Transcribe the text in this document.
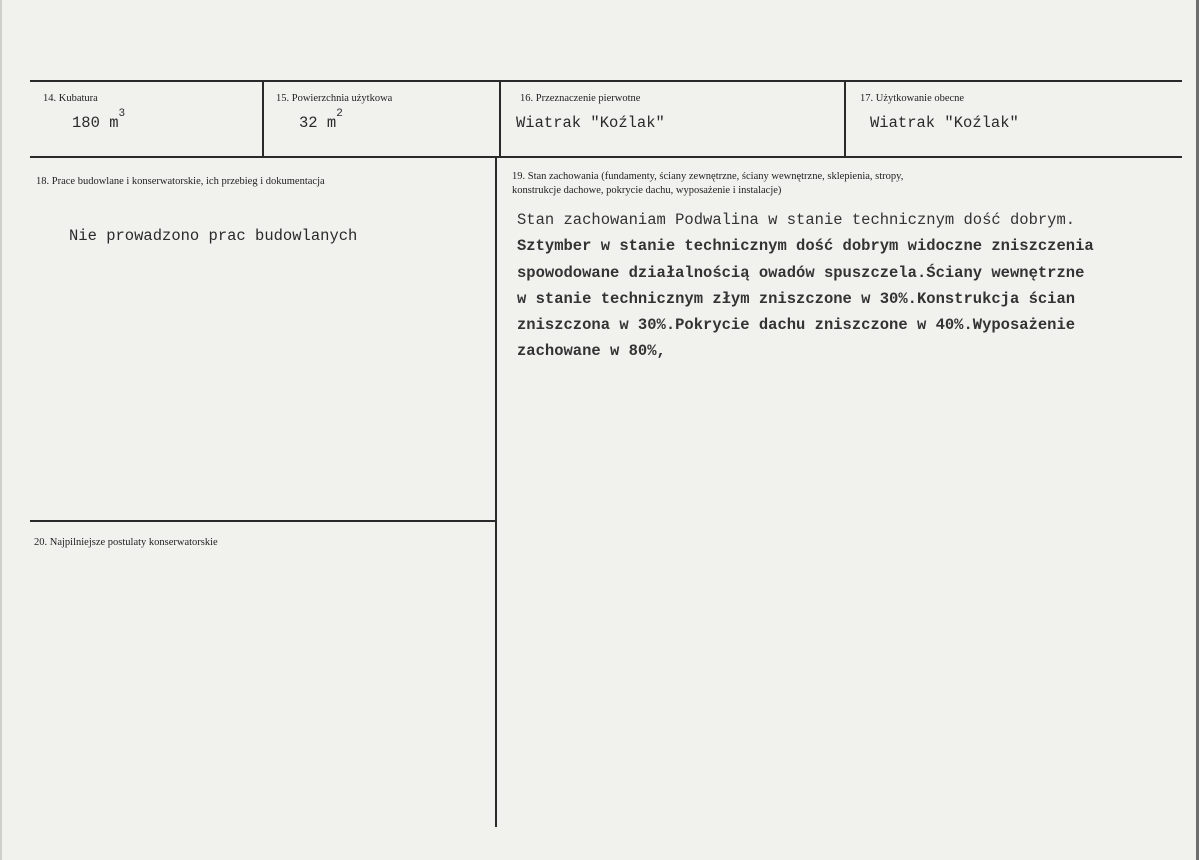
14. Kubatura
180 $m^3$
15. Powierzchnia użytkowa
32 $m^2$
16. Przeznaczenie pierwotne
Wiatrak "Koźlak"
17. Użytkowanie obecne
Wiatrak "Koźlak"
18. Prace budowlane i konserwatorskie, ich przebieg i dokumentacja
Nie prowadzono prac budowlanych
19. Stan zachowania (fundamenty, ściany zewnętrzne, ściany wewnętrzne, sklepienia, stropy,
konstrukcje dachowe, pokrycie dachu, wyposażenie i instalacje)
Stan zachowaniam Podwalina w stanie technicznym dość dobrym.
Sztymber w stanie technicznym dość dobrym widoczne zniszczenia
spowodowane działalnością owadów spuszczela.Ściany wewnętrzne
w stanie technicznym złym zniszczone w 30%.Konstrukcja ścian
zniszczona w 30%.Pokrycie dachu zniszczone w 40%.Wyposażenie
zachowane w 80%,
20. Najpilniejsze postulaty konserwatorskie
